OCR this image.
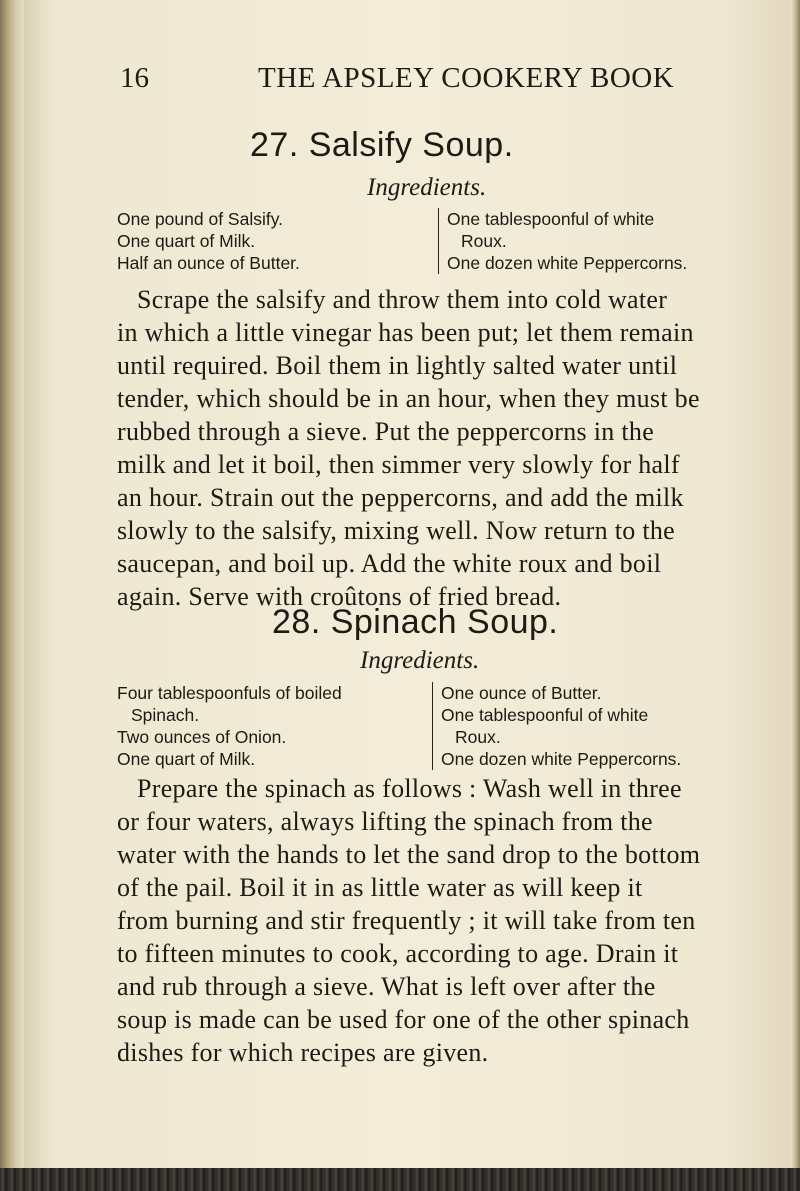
16	THE APSLEY COOKERY BOOK
27. Salsify Soup.
Ingredients.
One pound of Salsify.
One quart of Milk.
Half an ounce of Butter.
One tablespoonful of white
Roux.
One dozen white Peppercorns.
Scrape the salsify and throw them into cold water
in which a little vinegar has been put; let them remain
until required. Boil them in lightly salted water until
tender, which should be in an hour, when they must be
rubbed through a sieve. Put the peppercorns in the
milk and let it boil, then simmer very slowly for half
an hour. Strain out the peppercorns, and add the milk
slowly to the salsify, mixing well. Now return to the
saucepan, and boil up. Add the white roux and boil
again. Serve with croûtons of fried bread.
28. Spinach Soup.
Ingredients.
Four tablespoonfuls of boiled
Spinach.
Two ounces of Onion.
One quart of Milk.
One ounce of Butter.
One tablespoonful of white
Roux.
One dozen white Peppercorns.
Prepare the spinach as follows : Wash well in three
or four waters, always lifting the spinach from the
water with the hands to let the sand drop to the bottom
of the pail. Boil it in as little water as will keep it
from burning and stir frequently ; it will take from ten
to fifteen minutes to cook, according to age. Drain it
and rub through a sieve. What is left over after the
soup is made can be used for one of the other spinach
dishes for which recipes are given.
